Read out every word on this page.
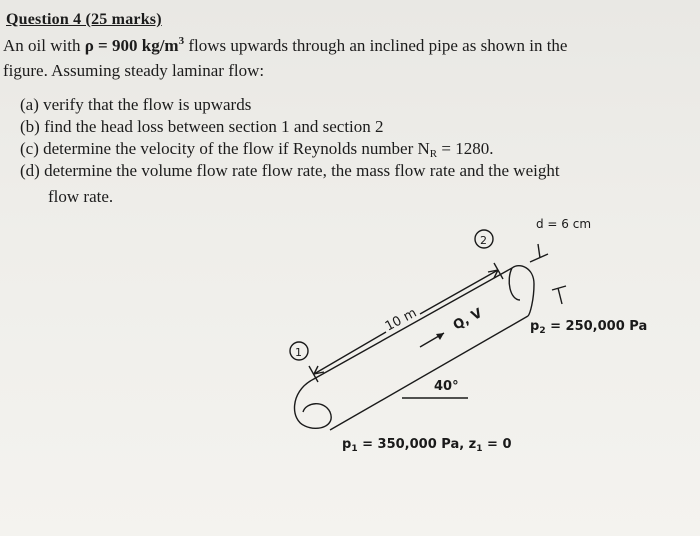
Question 4 (25 marks)
An oil with ρ = 900 $kg/m^3$ flows upwards through an inclined pipe as shown in the
figure. Assuming steady laminar flow:
(a) verify that the flow is upwards
(b) find the head loss between section 1 and section 2
(c) determine the velocity of the flow if Reynolds number $N_R = 1280$.
(d) determine the volume flow rate flow rate, the mass flow rate and the weight
flow rate.
1
2
d = 6 cm
10 m Q, V
40°
$p_1 = 350,000$ Pa, $z_1 = 0$
$p_2 = 250,000$ Pa
